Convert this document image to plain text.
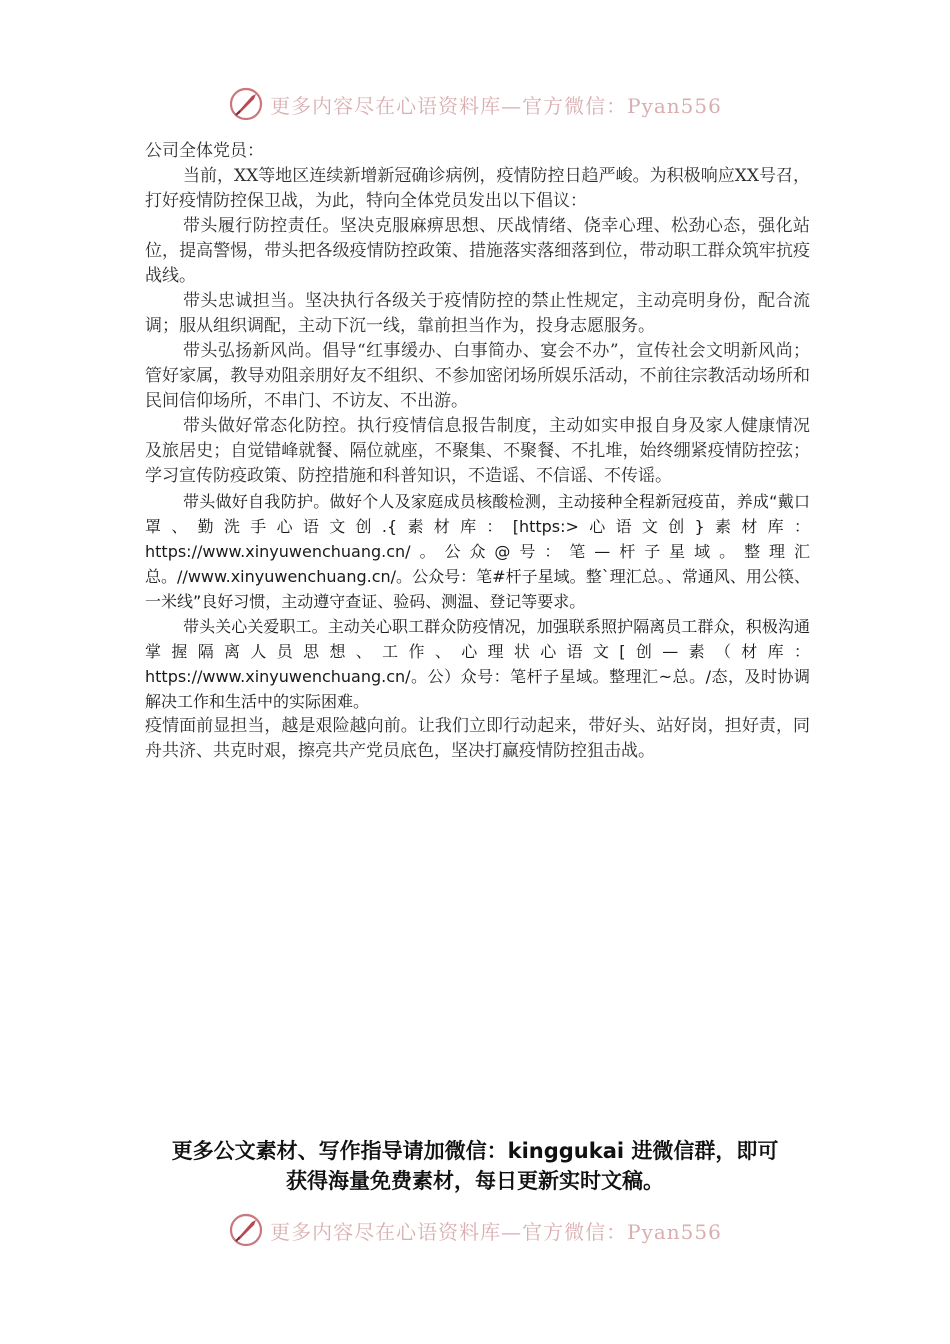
更多内容尽在心语资料库—官方微信：Pyan556

公司全体党员：

当前，XX等地区连续新增新冠确诊病例，疫情防控日趋严峻。为积极响应XX号召，打好疫情防控保卫战，为此，特向全体党员发出以下倡议：

带头履行防控责任。坚决克服麻痹思想、厌战情绪、侥幸心理、松劲心态，强化站位，提高警惕，带头把各级疫情防控政策、措施落实落细落到位，带动职工群众筑牢抗疫战线。

带头忠诚担当。坚决执行各级关于疫情防控的禁止性规定，主动亮明身份，配合流调；服从组织调配，主动下沉一线，靠前担当作为，投身志愿服务。

带头弘扬新风尚。倡导“红事缓办、白事简办、宴会不办”，宣传社会文明新风尚；管好家属，教导劝阻亲朋好友不组织、不参加密闭场所娱乐活动，不前往宗教活动场所和民间信仰场所，不串门、不访友、不出游。

带头做好常态化防控。执行疫情信息报告制度，主动如实申报自身及家人健康情况及旅居史；自觉错峰就餐、隔位就座，不聚集、不聚餐、不扎堆，始终绷紧疫情防控弦；学习宣传防疫政策、防控措施和科普知识，不造谣、不信谣、不传谣。

带头做好自我防护。做好个人及家庭成员核酸检测，主动接种全程新冠疫苗，养成“戴口罩、勤洗手心语文创.{素材库：[https:>心语文创}素材库：https://www.xinyuwenchuang.cn/。公众@号：笔—杆子星域。整理汇总。//www.xinyuwenchuang.cn/。公众号：笔#杆子星域。整`理汇总。、常通风、用公筷、一米线”良好习惯，主动遵守查证、验码、测温、登记等要求。

带头关心关爱职工。主动关心职工群众防疫情况，加强联系照护隔离员工群众，积极沟通掌握隔离人员思想、工作、心理状心语文[创—素（材库：https://www.xinyuwenchuang.cn/。公）众号：笔杆子星域。整理汇~总。/态，及时协调解决工作和生活中的实际困难。

疫情面前显担当，越是艰险越向前。让我们立即行动起来，带好头、站好岗，担好责，同舟共济、共克时艰，擦亮共产党员底色，坚决打赢疫情防控狙击战。

更多公文素材、写作指导请加微信：kinggukai 进微信群，即可
获得海量免费素材，每日更新实时文稿。
更多内容尽在心语资料库—官方微信：Pyan556
